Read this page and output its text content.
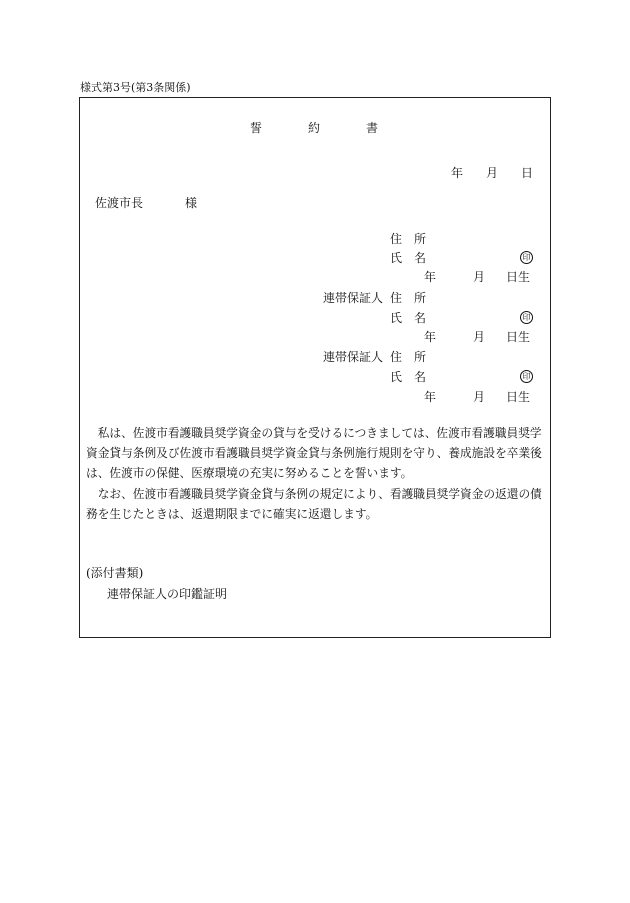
様式第3号(第3条関係)
誓約書
年 月 日
佐渡市長	様
住　所
氏　名	印
年	月 日生
連帯保証人 住　所
氏　名	印
年	月 日生
連帯保証人 住　所
氏　名	印
年	月 日生
私は、佐渡市看護職員奨学資金の貸与を受けるにつきましては、佐渡市看護職員奨学
資金貸与条例及び佐渡市看護職員奨学資金貸与条例施行規則を守り、養成施設を卒業後
は、佐渡市の保健、医療環境の充実に努めることを誓います。
なお、佐渡市看護職員奨学資金貸与条例の規定により、看護職員奨学資金の返還の債
務を生じたときは、返還期限までに確実に返還します。
(添付書類)
連帯保証人の印鑑証明
